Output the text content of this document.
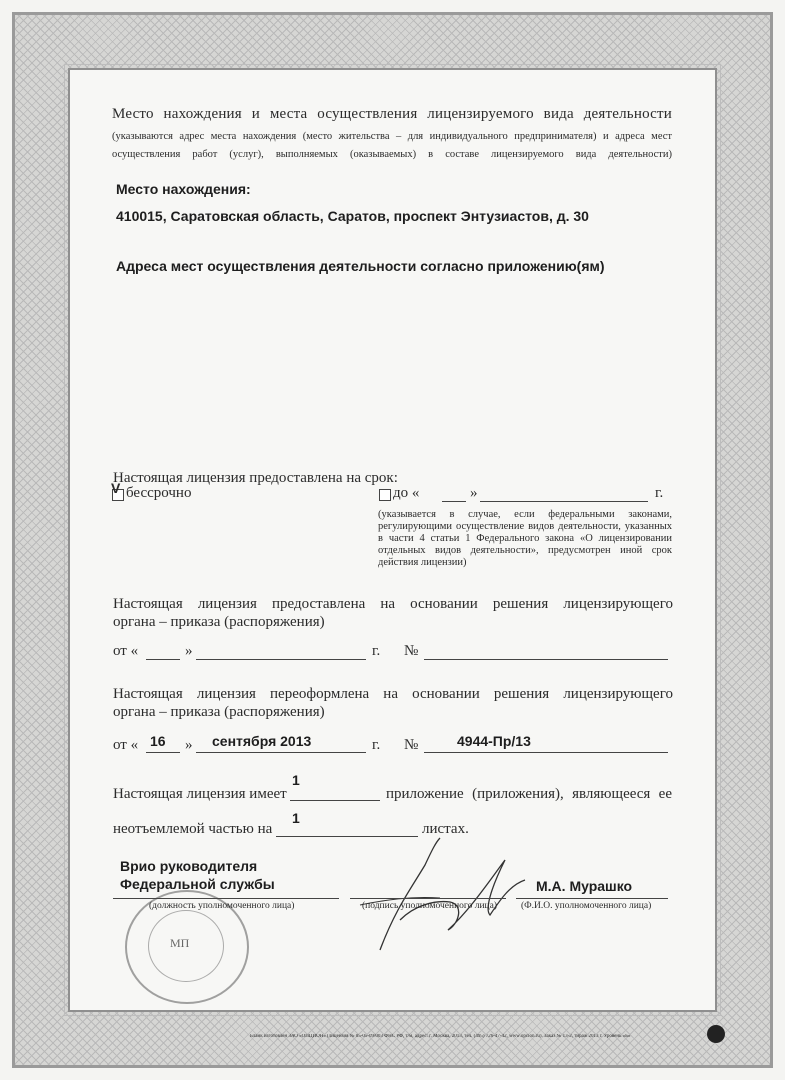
Место нахождения и места осуществления лицензируемого вида деятельности
(указываются адрес места нахождения (место жительства – для индивидуального предпринимателя) и адреса мест
осуществления работ (услуг), выполняемых (оказываемых) в составе лицензируемого вида деятельности)
Место нахождения:
410015, Саратовская область, Саратов, проспект Энтузиастов, д. 30
Адреса мест осуществления деятельности согласно приложению(ям)
Настоящая лицензия предоставлена на срок:
V бессрочно	до «	»	г.
(указывается в случае, если федеральными законами, регулирующими осуществление видов деятельности, указанных в части 4 статьи 1 Федерального закона «О лицензировании отдельных видов деятельности», предусмотрен иной срок действия лицензии)
Настоящая лицензия предоставлена на основании решения лицензирующего
органа – приказа (распоряжения)
от «	»	г. №
Настоящая лицензия переоформлена на основании решения лицензирующего
органа – приказа (распоряжения)
от « 16 » сентября 2013	г. №	4944-Пр/13
Настоящая лицензия имеет
1
приложение (приложения), являющееся ее
неотъемлемой частью на
1
листах.
МП
Врио руководителя
Федеральной службы
(должность уполномоченного лица)	(подпись уполномоченного лица)
М.А. Мурашко
(Ф.И.О. уполномоченного лица)
Бланк изготовлен ЗАО «ОПЦИОН» (лицензия № 05-05-09/003 ФНС РФ, т/м, адрес: г. Москва, 2013, тел. (495) 726-47-42, www.opcion.ru). Заказ № 13-2, тираж 2013 г. Уровень «Б»
